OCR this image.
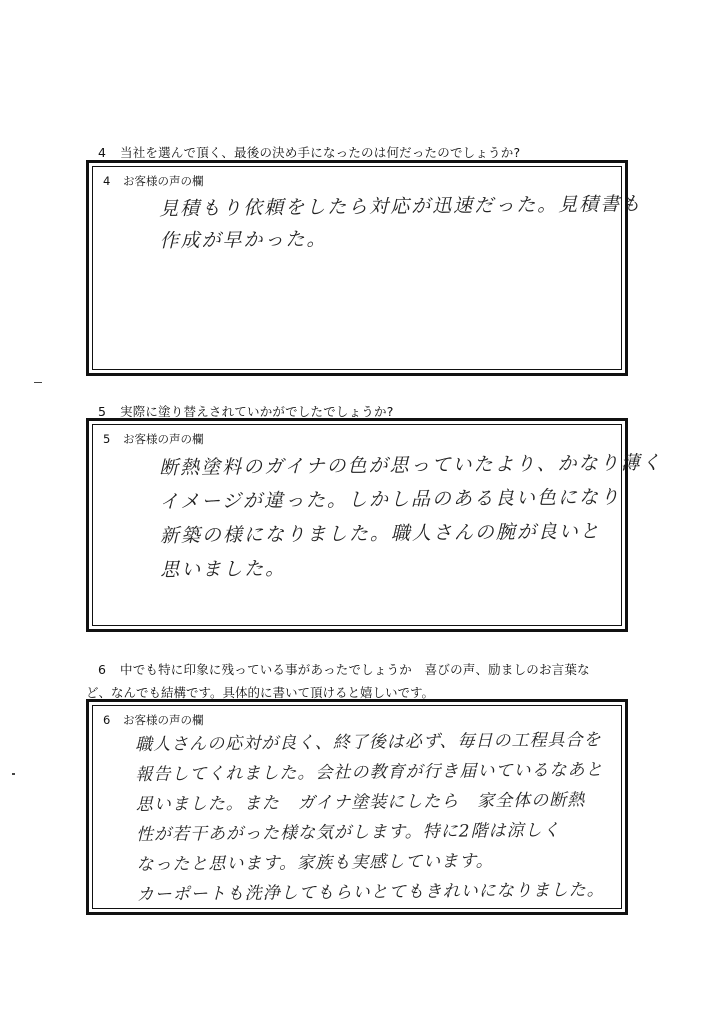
4 当社を選んで頂く、最後の決め手になったのは何だったのでしょうか?
4 お客様の声の欄
見積もり依頼をしたら対応が迅速だった。見積書も
作成が早かった。
5 実際に塗り替えされていかがでしたでしょうか?
5 お客様の声の欄
断熱塗料のガイナの色が思っていたより、かなり薄く
イメージが違った。しかし品のある良い色になり
新築の様になりました。職人さんの腕が良いと
思いました。
6 中でも特に印象に残っている事があったでしょうか　喜びの声、励ましのお言葉な
ど、なんでも結構です。具体的に書いて頂けると嬉しいです。
6 お客様の声の欄
職人さんの応対が良く、終了後は必ず、毎日の工程具合を
報告してくれました。会社の教育が行き届いているなあと
思いました。また　ガイナ塗装にしたら　家全体の断熱
性が若干あがった様な気がします。特に2階は涼しく
なったと思います。家族も実感しています。
カーポートも洗浄してもらいとてもきれいになりました。
